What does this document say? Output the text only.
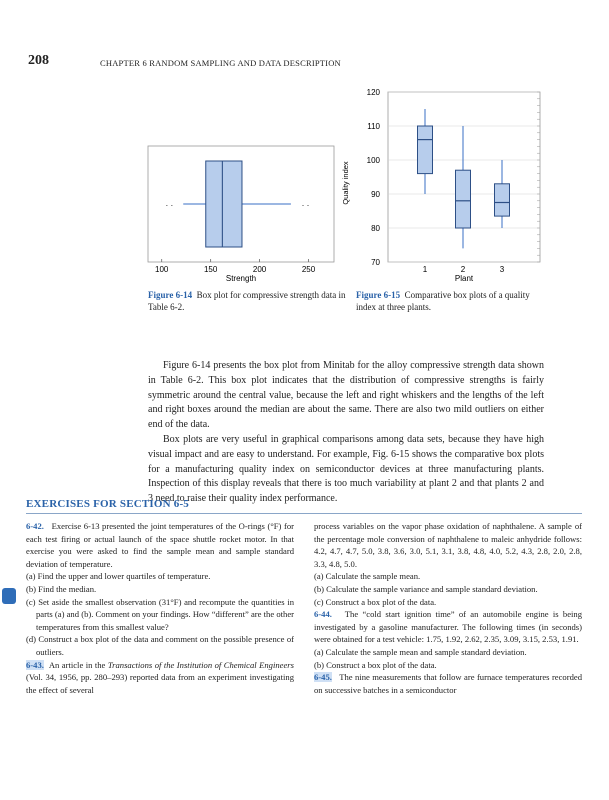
208	CHAPTER 6 RANDOM SAMPLING AND DATA DESCRIPTION
. .	. .
100	150	200	250
Strength
70
80
90
100
110
120
1	2	3
Quality index
Plant
Figure 6-14 Box plot for compressive strength data in Table 6-2.
Figure 6-15 Comparative box plots of a quality index at three plants.

Figure 6-14 presents the box plot from Minitab for the alloy compressive strength data shown in Table 6-2. This box plot indicates that the distribution of compressive strengths is fairly symmetric around the central value, because the left and right whiskers and the lengths of the left and right boxes around the median are about the same. There are also two mild outliers on either end of the data.

Box plots are very useful in graphical comparisons among data sets, because they have high visual impact and are easy to understand. For example, Fig. 6-15 shows the comparative box plots for a manufacturing quality index on semiconductor devices at three manufacturing plants. Inspection of this display reveals that there is too much variability at plant 2 and that plants 2 and 3 need to raise their quality index performance.

EXERCISES FOR SECTION 6-5

6-42. Exercise 6-13 presented the joint temperatures of the O-rings (°F) for each test firing or actual launch of the space shuttle rocket motor. In that exercise you were asked to find the sample mean and sample standard deviation of temperature.

(a) Find the upper and lower quartiles of temperature.

(b) Find the median.

(c) Set aside the smallest observation (31°F) and recompute the quantities in parts (a) and (b). Comment on your findings. How “different” are the other temperatures from this smallest value?

(d) Construct a box plot of the data and comment on the possible presence of outliers.

6-43. An article in the Transactions of the Institution of Chemical Engineers (Vol. 34, 1956, pp. 280–293) reported data from an experiment investigating the effect of several

process variables on the vapor phase oxidation of naphthalene. A sample of the percentage mole conversion of naphthalene to maleic anhydride follows: 4.2, 4.7, 4.7, 5.0, 3.8, 3.6, 3.0, 5.1, 3.1, 3.8, 4.8, 4.0, 5.2, 4.3, 2.8, 2.0, 2.8, 3.3, 4.8, 5.0.

(a) Calculate the sample mean.

(b) Calculate the sample variance and sample standard deviation.

(c) Construct a box plot of the data.

6-44. The “cold start ignition time” of an automobile engine is being investigated by a gasoline manufacturer. The following times (in seconds) were obtained for a test vehicle: 1.75, 1.92, 2.62, 2.35, 3.09, 3.15, 2.53, 1.91.

(a) Calculate the sample mean and sample standard deviation.

(b) Construct a box plot of the data.

6-45. The nine measurements that follow are furnace temperatures recorded on successive batches in a semiconductor
